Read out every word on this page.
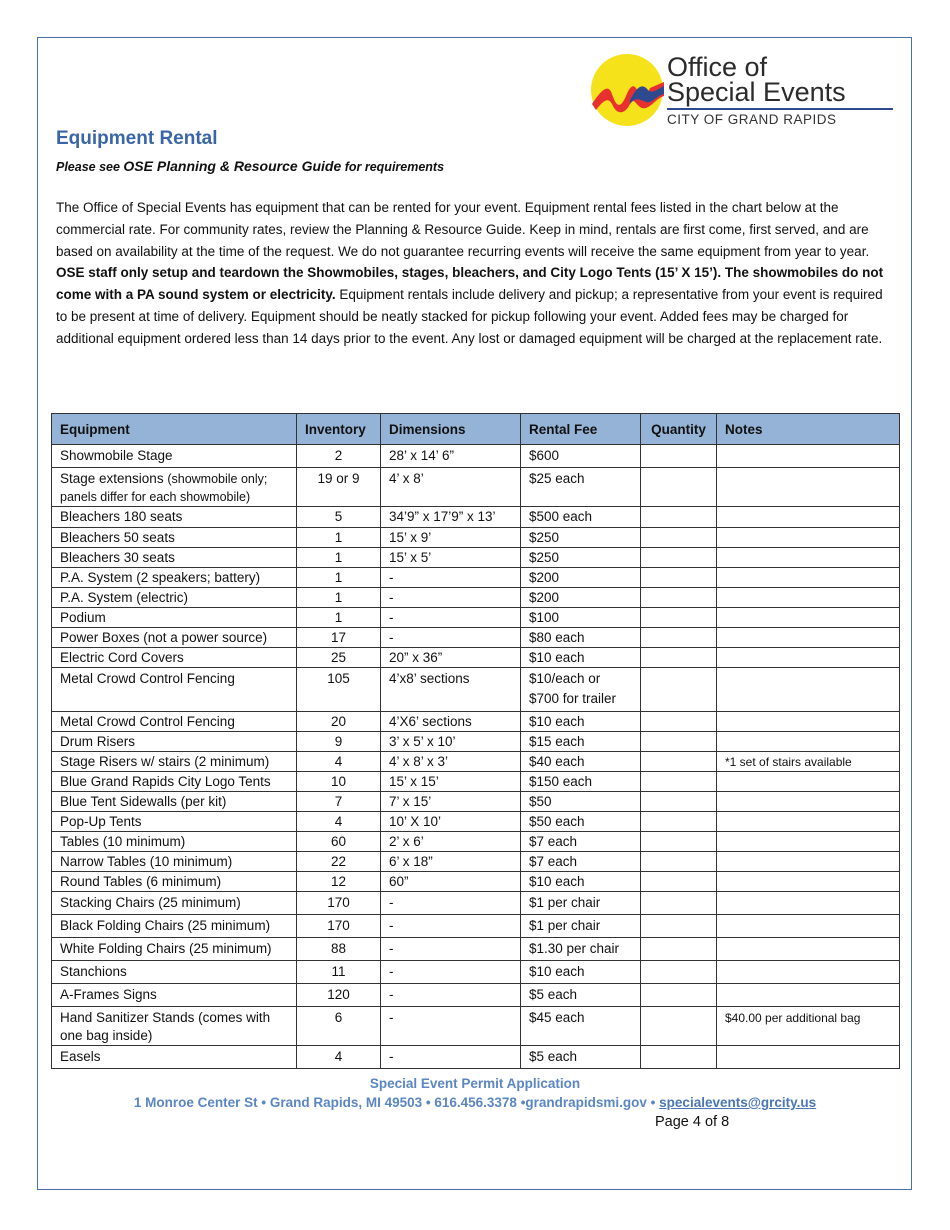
Office of
Special Events
CITY OF GRAND RAPIDS
Equipment Rental
Please see OSE Planning & Resource Guide for requirements
The Office of Special Events has equipment that can be rented for your event. Equipment rental fees listed in the chart below at the commercial rate. For community rates, review the Planning & Resource Guide. Keep in mind, rentals are first come, first served, and are based on availability at the time of the request. We do not guarantee recurring events will receive the same equipment from year to year. OSE staff only setup and teardown the Showmobiles, stages, bleachers, and City Logo Tents (15’ X 15’). The showmobiles do not come with a PA sound system or electricity. Equipment rentals include delivery and pickup; a representative from your event is required to be present at time of delivery. Equipment should be neatly stacked for pickup following your event. Added fees may be charged for additional equipment ordered less than 14 days prior to the event. Any lost or damaged equipment will be charged at the replacement rate.
Equipment	Inventory	Dimensions	Rental Fee	Quantity	Notes
Showmobile Stage	2	28’ x 14’ 6”	$600		

Stage extensions (showmobile only; panels differ for each showmobile)	19 or 9	4’ x 8’	$25 each		

Bleachers 180 seats	5	34’9” x 17’9” x 13’	$500 each		

Bleachers 50 seats	1	15’ x 9’	$250		

Bleachers 30 seats	1	15’ x 5’	$250		

P.A. System (2 speakers; battery)	1	-	$200		

P.A. System (electric)	1	-	$200		

Podium	1	-	$100		

Power Boxes (not a power source)	17	-	$80 each		

Electric Cord Covers	25	20” x 36”	$10 each		

Metal Crowd Control Fencing	105	4’x8’ sections	$10/each or
$700 for trailer		

Metal Crowd Control Fencing	20	4’X6’ sections	$10 each		

Drum Risers	9	3’ x 5’ x 10’	$15 each		

Stage Risers w/ stairs (2 minimum)	4	4’ x 8’ x 3’	$40 each		*1 set of stairs available
Blue Grand Rapids City Logo Tents	10	15’ x 15’	$150 each		

Blue Tent Sidewalls (per kit)	7	7’ x 15’	$50		

Pop-Up Tents	4	10’ X 10’	$50 each		

Tables (10 minimum)	60	2’ x 6’	$7 each		

Narrow Tables (10 minimum)	22	6’ x 18”	$7 each		

Round Tables (6 minimum)	12	60”	$10 each		

Stacking Chairs (25 minimum)	170	-	$1 per chair		

Black Folding Chairs (25 minimum)	170	-	$1 per chair		

White Folding Chairs (25 minimum)	88	-	$1.30 per chair		

Stanchions	11	-	$10 each		

A-Frames Signs	120	-	$5 each		

Hand Sanitizer Stands (comes with one bag inside)	6	-	$45 each		$40.00 per additional bag
Easels	4	-	$5 each		

Special Event Permit Application
1 Monroe Center St • Grand Rapids, MI 49503 • 616.456.3378 •grandrapidsmi.gov • specialevents@grcity.us
Page 4 of 8
